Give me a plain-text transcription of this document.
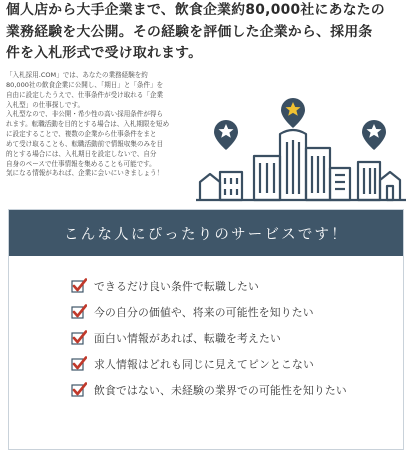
個人店から大手企業まで、飲食企業約80,000社にあなたの
業務経験を大公開。その経験を評価した企業から、採用条
件を入札形式で受け取れます。
「入札採用.COM」では、あなたの業務経験を約
80,000社の飲食企業に公開し、「期日」と「条件」を
自由に設定したうえで、仕事条件が受け取れる「企業
入札型」の仕事探しです。
入札型なので、非公開・希少性の高い採用条件が得ら
れます。転職活動を目的とする場合は、入札期限を短め
に設定することで、複数の企業から仕事条件をまと
めて受け取ることも、転職活動前で情報収集のみを目
的とする場合には、入札期日を設定しないで、自分
自身のペースで仕事情報を集めることも可能です。
気になる情報があれば、企業に会いにいきましょう！
こんな人にぴったりのサービスです！
できるだけ良い条件で転職したい
今の自分の価値や、将来の可能性を知りたい
面白い情報があれば、転職を考えたい
求人情報はどれも同じに見えてピンとこない
飲食ではない、未経験の業界での可能性を知りたい
